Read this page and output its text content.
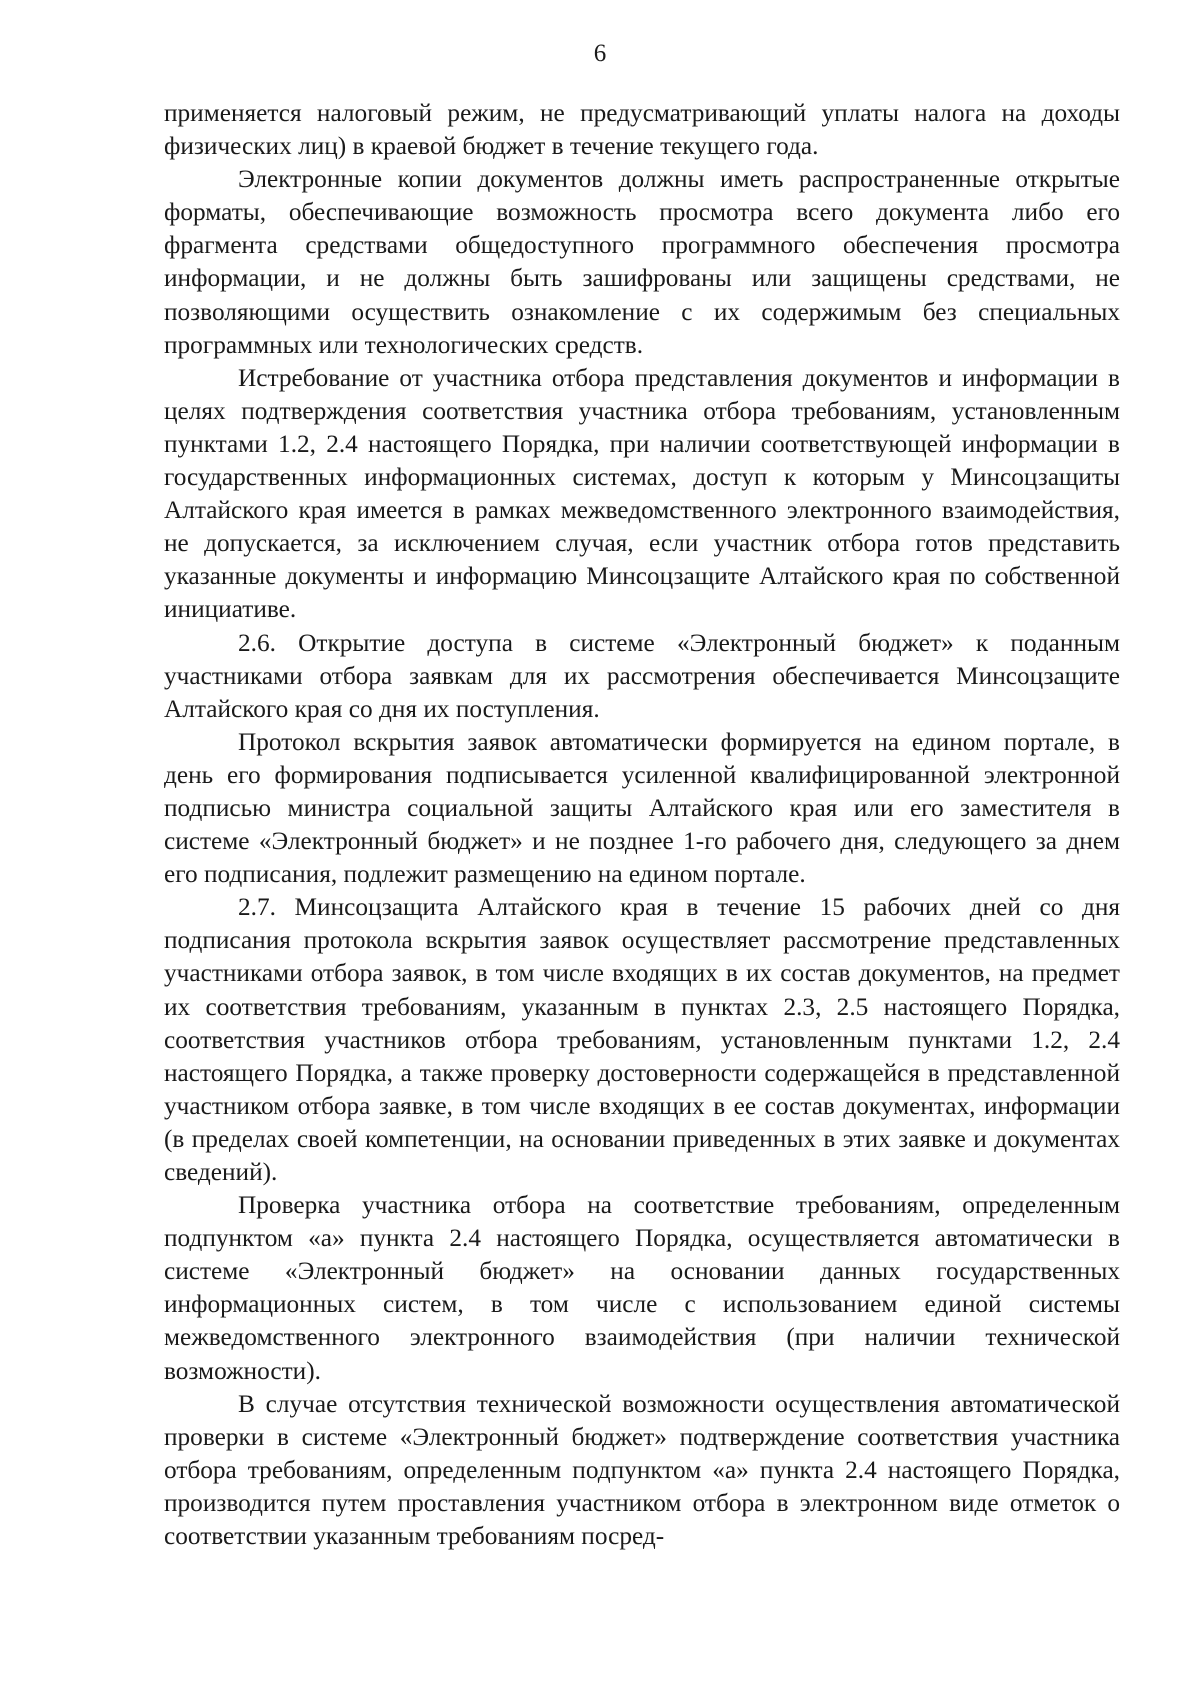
6

применяется налоговый режим, не предусматривающий уплаты налога на доходы физических лиц) в краевой бюджет в течение текущего года.

Электронные копии документов должны иметь распространенные открытые форматы, обеспечивающие возможность просмотра всего документа либо его фрагмента средствами общедоступного программного обеспечения просмотра информации, и не должны быть зашифрованы или защищены средствами, не позволяющими осуществить ознакомление с их содержимым без специальных программных или технологических средств.

Истребование от участника отбора представления документов и информации в целях подтверждения соответствия участника отбора требованиям, установленным пунктами 1.2, 2.4 настоящего Порядка, при наличии соответствующей информации в государственных информационных системах, доступ к которым у Минсоцзащиты Алтайского края имеется в рамках межведомственного электронного взаимодействия, не допускается, за исключением случая, если участник отбора готов представить указанные документы и информацию Минсоцзащите Алтайского края по собственной инициативе.

2.6. Открытие доступа в системе «Электронный бюджет» к поданным участниками отбора заявкам для их рассмотрения обеспечивается Минсоцзащите Алтайского края со дня их поступления.

Протокол вскрытия заявок автоматически формируется на едином портале, в день его формирования подписывается усиленной квалифицированной электронной подписью министра социальной защиты Алтайского края или его заместителя в системе «Электронный бюджет» и не позднее 1-го рабочего дня, следующего за днем его подписания, подлежит размещению на едином портале.

2.7. Минсоцзащита Алтайского края в течение 15 рабочих дней со дня подписания протокола вскрытия заявок осуществляет рассмотрение представленных участниками отбора заявок, в том числе входящих в их состав документов, на предмет их соответствия требованиям, указанным в пунктах 2.3, 2.5 настоящего Порядка, соответствия участников отбора требованиям, установленным пунктами 1.2, 2.4 настоящего Порядка, а также проверку достоверности содержащейся в представленной участником отбора заявке, в том числе входящих в ее состав документах, информации (в пределах своей компетенции, на основании приведенных в этих заявке и документах сведений).

Проверка участника отбора на соответствие требованиям, определенным подпунктом «а» пункта 2.4 настоящего Порядка, осуществляется автоматически в системе «Электронный бюджет» на основании данных государственных информационных систем, в том числе с использованием единой системы межведомственного электронного взаимодействия (при наличии технической возможности).

В случае отсутствия технической возможности осуществления автоматической проверки в системе «Электронный бюджет» подтверждение соответствия участника отбора требованиям, определенным подпунктом «а» пункта 2.4 настоящего Порядка, производится путем проставления участником отбора в электронном виде отметок о соответствии указанным требованиям посред-
